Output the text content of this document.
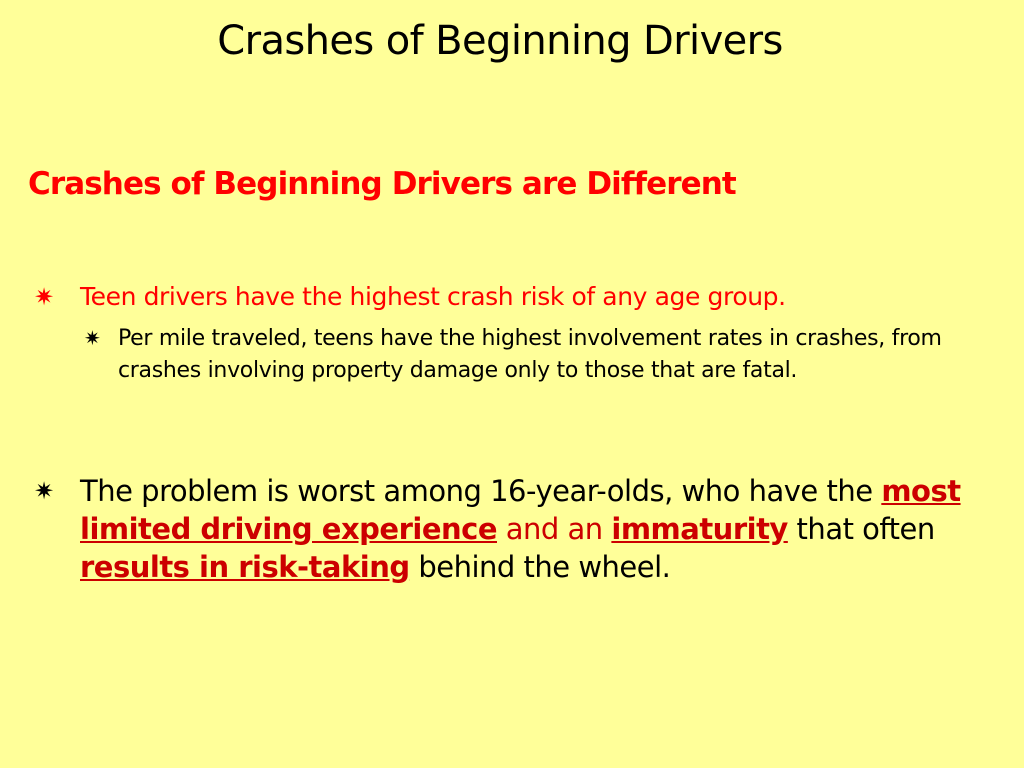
Crashes of Beginning Drivers
Crashes of Beginning Drivers are Different
✷	Teen drivers have the highest crash risk of any age group.
✷ Per mile traveled, teens have the highest involvement rates in crashes, from crashes involving property damage only to those that are fatal.
✷ The problem is worst among 16-year-olds, who have the most limited driving experience and an immaturity that often results in risk-taking behind the wheel.
